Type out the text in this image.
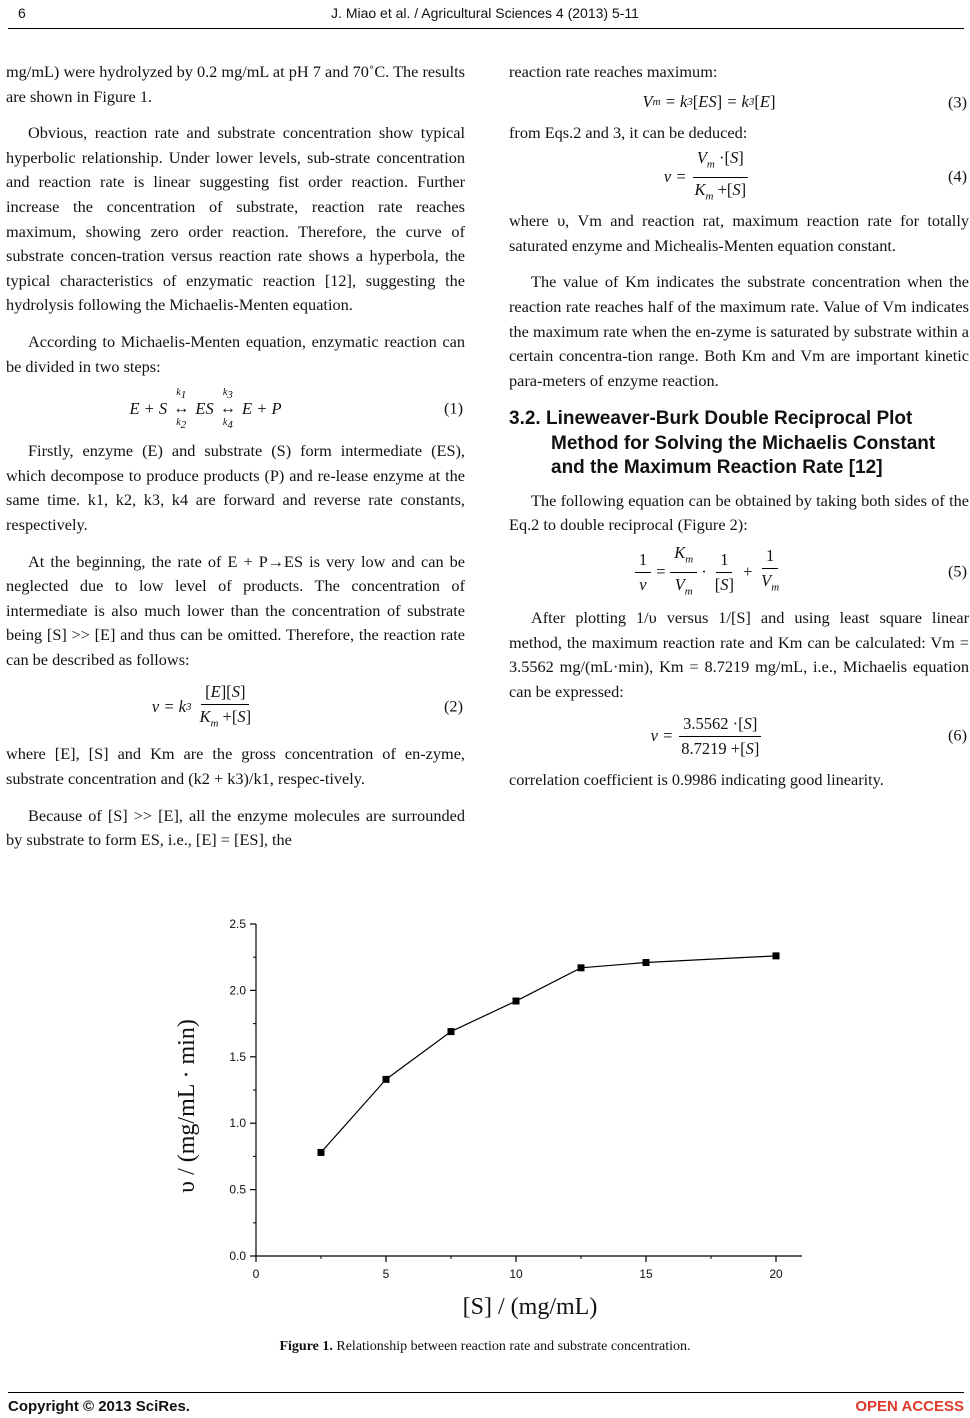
6	J. Miao et al. / Agricultural Sciences 4 (2013) 5-11

mg/mL) were hydrolyzed by 0.2 mg/mL at pH 7 and 70˚C. The results are shown in Figure 1.

Obvious, reaction rate and substrate concentration show typical hyperbolic relationship. Under lower levels, sub-strate concentration and reaction rate is linear suggesting fist order reaction. Further increase the concentration of substrate, reaction rate reaches maximum, showing zero order reaction. Therefore, the curve of substrate concen-tration versus reaction rate shows a hyperbola, the typical characteristics of enzymatic reaction [12], suggesting the hydrolysis following the Michaelis-Menten equation.

According to Michaelis-Menten equation, enzymatic reaction can be divided in two steps:

E + S
$k_1$
↔
$k_2$
ES
$k_3$
↔
$k_4$
E + P	(1)

Firstly, enzyme (E) and substrate (S) form intermediate (ES), which decompose to produce products (P) and re-lease enzyme at the same time. k1, k2, k3, k4 are forward and reverse rate constants, respectively.

At the beginning, the rate of E + P→ES is very low and can be neglected due to low level of products. The concentration of intermediate is also much lower than the concentration of substrate being [S] >> [E] and thus can be omitted. Therefore, the reaction rate can be described as follows:

ν = k $3 \frac{[E][S]}{K_m +[S]}$	(2)

where [E], [S] and Km are the gross concentration of en-zyme, substrate concentration and (k2 + k3)/k1, respec-tively.

Because of [S] >> [E], all the enzyme molecules are surrounded by substrate to form ES, i.e., [E] = [ES], the

reaction rate reaches maximum:

V m = k 3 [ ES ] = k 3 [ E ]	(3)

from Eqs.2 and 3, it can be deduced:

$\nu = \frac{V_m \cdot[S]}{K_m +[S]}$	(4)

where υ, Vm and reaction rat, maximum reaction rate for totally saturated enzyme and Michealis-Menten equation constant.

The value of Km indicates the substrate concentration when the reaction rate reaches half of the maximum rate. Value of Vm indicates the maximum rate when the en-zyme is saturated by substrate within a certain concentra-tion range. Both Km and Vm are important kinetic para-meters of enzyme reaction.

3.2. Lineweaver-Burk Double Reciprocal Plot Method for Solving the Michaelis Constant and the Maximum Reaction Rate [12]

The following equation can be obtained by taking both sides of the Eq.2 to double reciprocal (Figure 2):

$\frac{1}{\nu} = \frac{K_m}{V_m} \cdot \frac{1}{[S]} + \frac{1}{V_m}$	(5)

After plotting 1/υ versus 1/[S] and using least square linear method, the maximum reaction rate and Km can be calculated: Vm = 3.5562 mg/(mL·min), Km = 8.7219 mg/mL, i.e., Michaelis equation can be expressed:

$\nu = \frac{3.5562 \cdot[S]}{8.7219 +[S]}$	(6)

correlation coefficient is 0.9986 indicating good linearity.

0.0
0.5
1.0
1.5
2.0
2.5
0	5	10	15	20
[S] / (mg/mL)
υ / (mg/mL · min)
Figure 1. Relationship between reaction rate and substrate concentration.
Copyright © 2013 SciRes.	OPEN ACCESS
